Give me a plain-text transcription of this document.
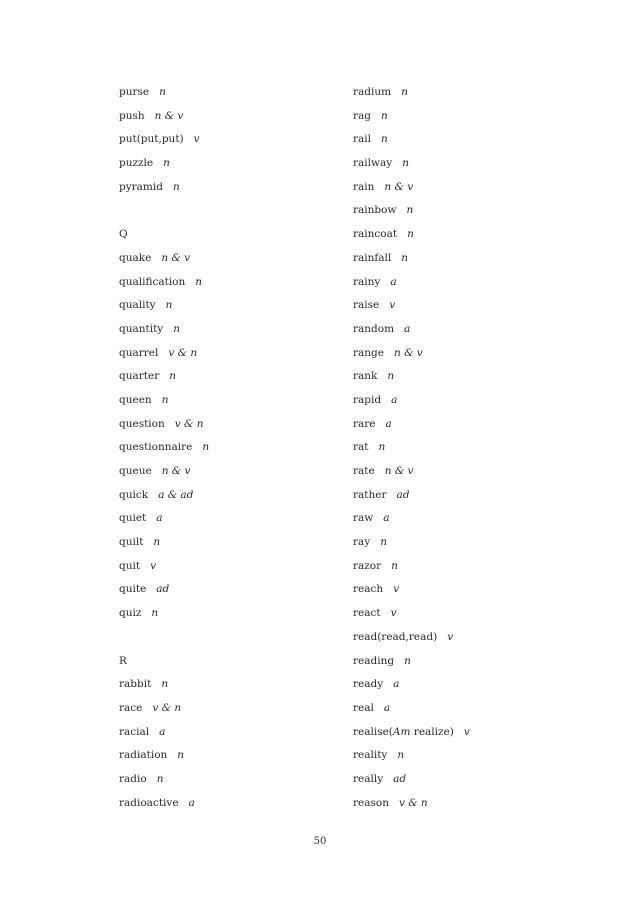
purse n
push n & v
put(put,put) v
puzzle n
pyramid n
Q
quake n & v
qualification n
quality n
quantity n
quarrel v & n
quarter n
queen n
question v & n
questionnaire n
queue n & v
quick a & ad
quiet a
quilt n
quit v
quite ad
quiz n
R
rabbit n
race v & n
racial a
radiation n
radio n
radioactive a
radium n
rag n
rail n
railway n
rain n & v
rainbow n
raincoat n
rainfall n
rainy a
raise v
random a
range n & v
rank n
rapid a
rare a
rat n
rate n & v
rather ad
raw a
ray n
razor n
reach v
react v
read(read,read) v
reading n
ready a
real a
realise(Am realize) v
reality n
really ad
reason v & n
50
